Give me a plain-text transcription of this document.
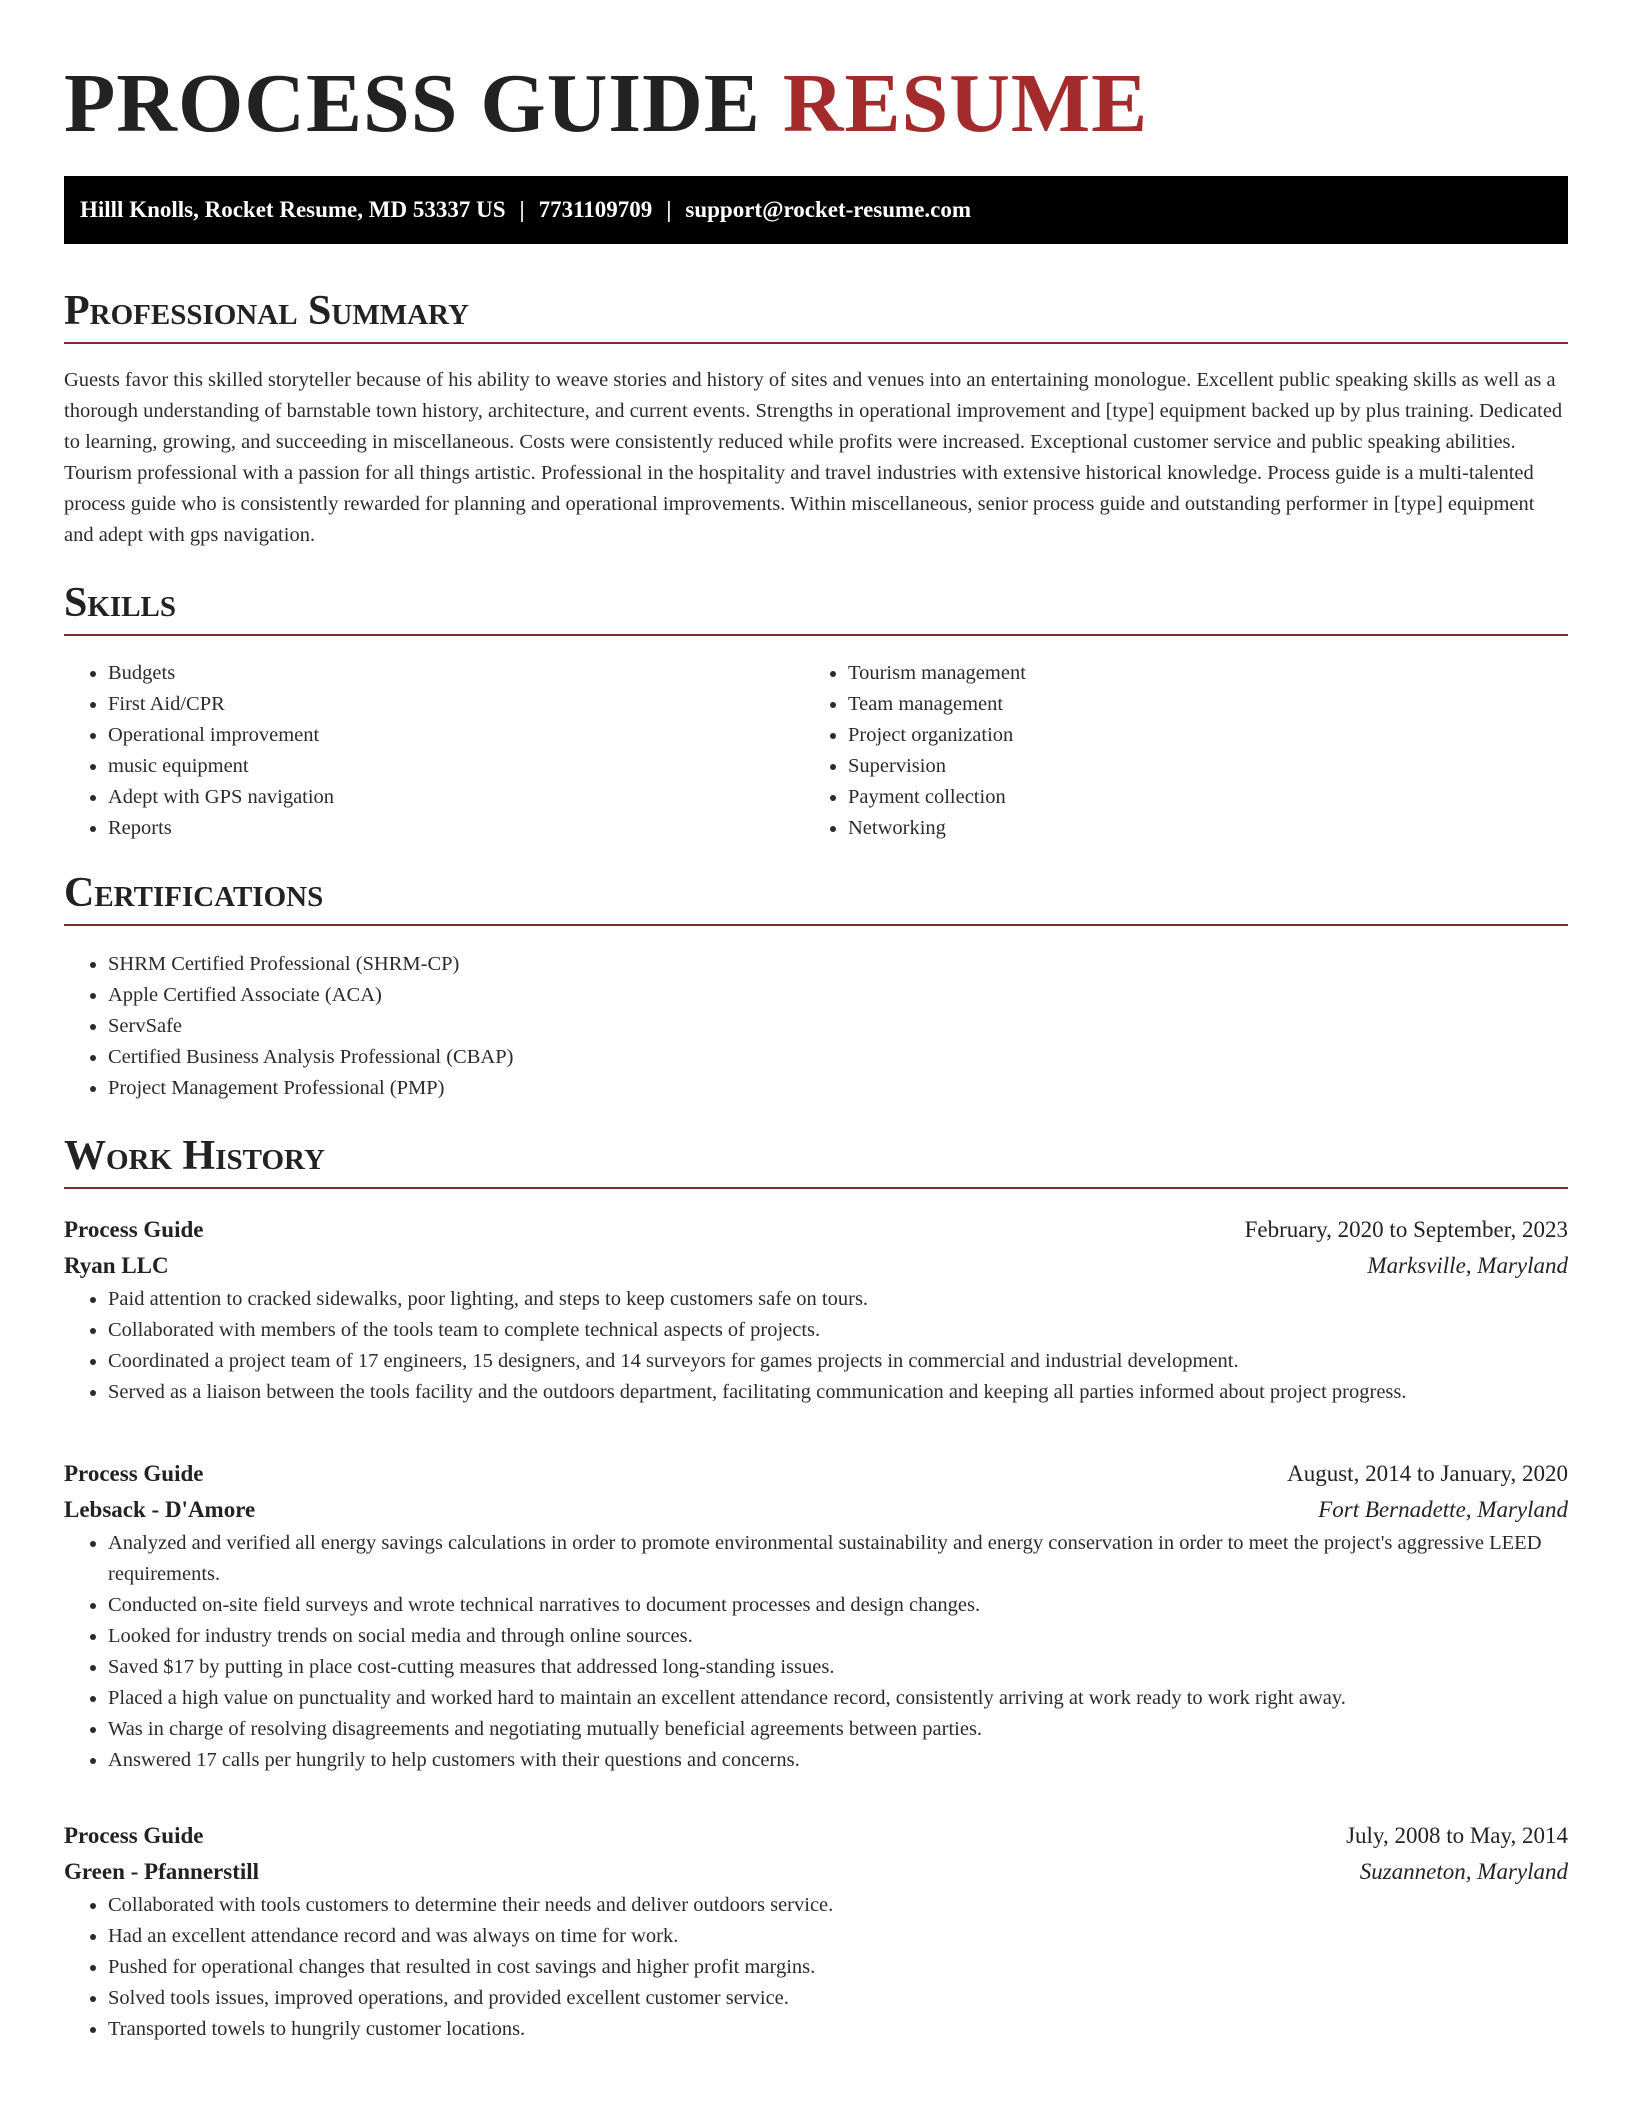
PROCESS GUIDE RESUME
Hilll Knolls, Rocket Resume, MD 53337 US | 7731109709 | support@rocket-resume.com
Professional Summary

Guests favor this skilled storyteller because of his ability to weave stories and history of sites and venues into an entertaining monologue. Excellent public speaking skills as well as a thorough understanding of barnstable town history, architecture, and current events. Strengths in operational improvement and [type] equipment backed up by plus training. Dedicated to learning, growing, and succeeding in miscellaneous. Costs were consistently reduced while profits were increased. Exceptional customer service and public speaking abilities. Tourism professional with a passion for all things artistic. Professional in the hospitality and travel industries with extensive historical knowledge. Process guide is a multi-talented process guide who is consistently rewarded for planning and operational improvements. Within miscellaneous, senior process guide and outstanding performer in [type] equipment and adept with gps navigation.

Skills
• Budgets
• First Aid/CPR
• Operational improvement
• music equipment
• Adept with GPS navigation
• Reports
• Tourism management
• Team management
• Project organization
• Supervision
• Payment collection
• Networking
Certifications
• SHRM Certified Professional (SHRM-CP)
• Apple Certified Associate (ACA)
• ServSafe
• Certified Business Analysis Professional (CBAP)
• Project Management Professional (PMP)
Work History
Process Guide	February, 2020 to September, 2023
Ryan LLC	Marksville, Maryland
• Paid attention to cracked sidewalks, poor lighting, and steps to keep customers safe on tours.
• Collaborated with members of the tools team to complete technical aspects of projects.
• Coordinated a project team of 17 engineers, 15 designers, and 14 surveyors for games projects in commercial and industrial development.
• Served as a liaison between the tools facility and the outdoors department, facilitating communication and keeping all parties informed about project progress.
Process Guide	August, 2014 to January, 2020
Lebsack - D'Amore	Fort Bernadette, Maryland
• Analyzed and verified all energy savings calculations in order to promote environmental sustainability and energy conservation in order to meet the project's aggressive LEED requirements.
• Conducted on-site field surveys and wrote technical narratives to document processes and design changes.
• Looked for industry trends on social media and through online sources.
• Saved $17 by putting in place cost-cutting measures that addressed long-standing issues.
• Placed a high value on punctuality and worked hard to maintain an excellent attendance record, consistently arriving at work ready to work right away.
• Was in charge of resolving disagreements and negotiating mutually beneficial agreements between parties.
• Answered 17 calls per hungrily to help customers with their questions and concerns.
Process Guide	July, 2008 to May, 2014
Green - Pfannerstill	Suzanneton, Maryland
• Collaborated with tools customers to determine their needs and deliver outdoors service.
• Had an excellent attendance record and was always on time for work.
• Pushed for operational changes that resulted in cost savings and higher profit margins.
• Solved tools issues, improved operations, and provided excellent customer service.
• Transported towels to hungrily customer locations.
